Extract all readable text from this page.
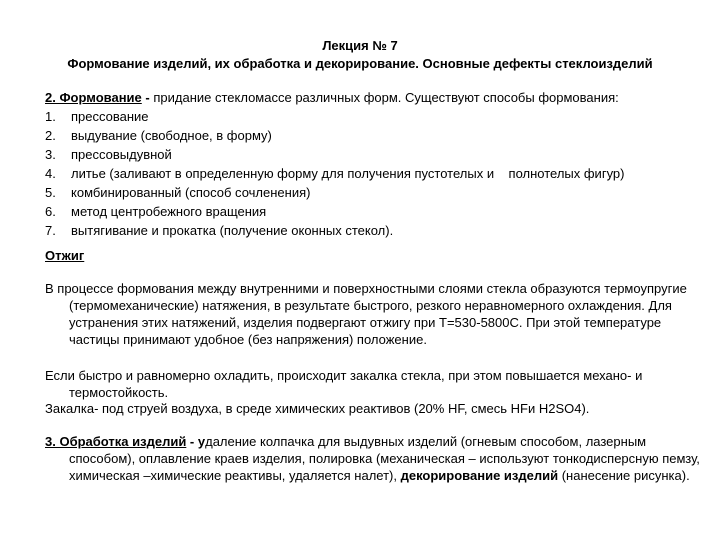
Лекция № 7
Формование изделий, их обработка и декорирование. Основные дефекты стеклоизделий
2. Формование - придание стекломассе различных форм. Существуют способы формования:
1. прессование
2. выдувание (свободное, в форму)
3. прессовыдувной
4. литье (заливают в определенную форму для получения пустотелых и    полнотелых фигур)
5. комбинированный (способ сочленения)
6. метод центробежного вращения
7. вытягивание и прокатка (получение оконных стекол).
Отжиг
В процессе формования между внутренними и поверхностными слоями стекла образуются термоупругие (термомеханические) натяжения, в результате быстрого, резкого неравномерного охлаждения. Для устранения этих натяжений, изделия подвергают отжигу при Т=530-5800С. При этой температуре частицы принимают удобное (без напряжения) положение.
Если быстро и равномерно охладить, происходит закалка стекла, при этом повышается механо- и термостойкость.
Закалка- под струей воздуха, в среде химических реактивов (20% HF, смесь HFи H2SO4).
3. Обработка изделий - удаление колпачка для выдувных изделий (огневым способом, лазерным способом), оплавление краев изделия, полировка (механическая – используют тонкодисперсную пемзу, химическая –химические реактивы, удаляется налет), декорирование изделий (нанесение рисунка).
